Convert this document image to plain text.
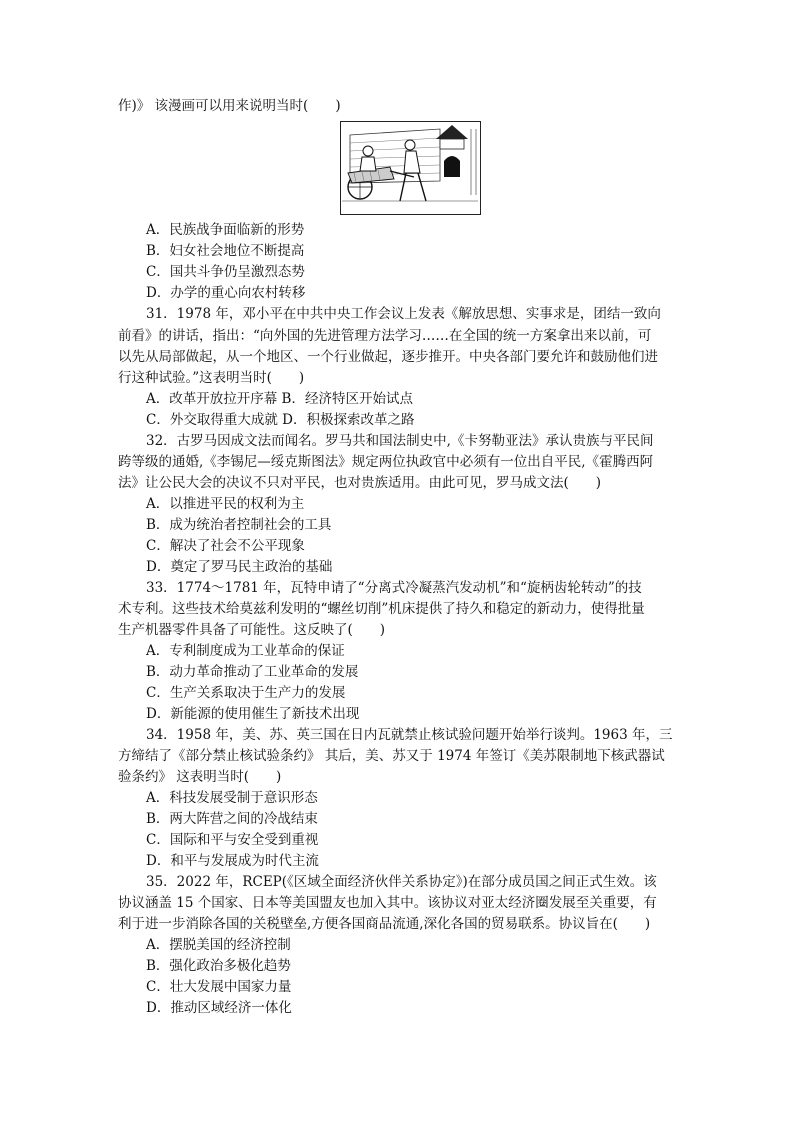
作)》 该漫画可以用来说明当时(　　)
A．民族战争面临新的形势
B．妇女社会地位不断提高
C．国共斗争仍呈激烈态势
D．办学的重心向农村转移
31．1978 年，邓小平在中共中央工作会议上发表《解放思想、实事求是，团结一致向
前看》的讲话，指出：“向外国的先进管理方法学习……在全国的统一方案拿出来以前，可
以先从局部做起，从一个地区、一个行业做起，逐步推开。中央各部门要允许和鼓励他们进
行这种试验。”这表明当时(　　)
A．改革开放拉开序幕 B．经济特区开始试点
C．外交取得重大成就 D．积极探索改革之路
32．古罗马因成文法而闻名。罗马共和国法制史中,《卡努勒亚法》承认贵族与平民间
跨等级的通婚,《李锡尼—绥克斯图法》规定两位执政官中必须有一位出自平民,《霍腾西阿
法》让公民大会的决议不只对平民，也对贵族适用。由此可见，罗马成文法(　　)
A．以推进平民的权利为主
B．成为统治者控制社会的工具
C．解决了社会不公平现象
D．奠定了罗马民主政治的基础
33．1774～1781 年，瓦特申请了“分离式冷凝蒸汽发动机”和“旋柄齿轮转动”的技
术专利。这些技术给莫兹利发明的“螺丝切削”机床提供了持久和稳定的新动力，使得批量
生产机器零件具备了可能性。这反映了(　　)
A．专利制度成为工业革命的保证
B．动力革命推动了工业革命的发展
C．生产关系取决于生产力的发展
D．新能源的使用催生了新技术出现
34．1958 年，美、苏、英三国在日内瓦就禁止核试验问题开始举行谈判。1963 年，三
方缔结了《部分禁止核试验条约》 其后，美、苏又于 1974 年签订《美苏限制地下核武器试
验条约》 这表明当时(　　)
A．科技发展受制于意识形态
B．两大阵营之间的冷战结束
C．国际和平与安全受到重视
D．和平与发展成为时代主流
35．2022 年，RCEP(《区域全面经济伙伴关系协定》)在部分成员国之间正式生效。该
协议涵盖 15 个国家、日本等美国盟友也加入其中。该协议对亚太经济圈发展至关重要，有
利于进一步消除各国的关税壁垒,方便各国商品流通,深化各国的贸易联系。协议旨在(　　)
A．摆脱美国的经济控制
B．强化政治多极化趋势
C．壮大发展中国家力量
D．推动区域经济一体化
